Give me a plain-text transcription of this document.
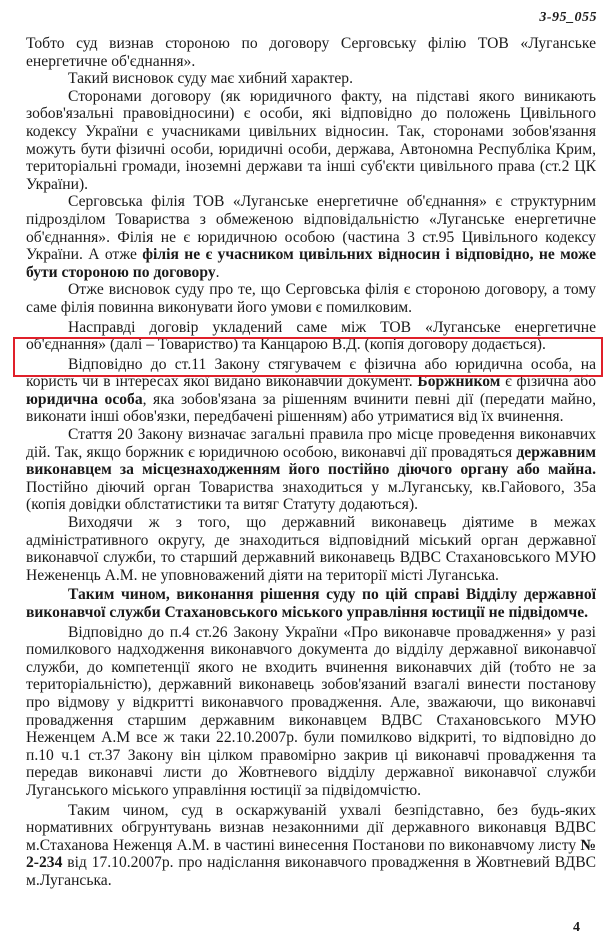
3-95_055

Тобто суд визнав стороною по договору Серговську філію ТОВ «Луганське енергетичне об'єднання».

Такий висновок суду має хибний характер.

Сторонами договору (як юридичного факту, на підставі якого виникають зобов'язальні правовідносини) є особи, які відповідно до положень Цивільного кодексу України є учасниками цивільних відносин. Так, сторонами зобов'язання можуть бути фізичні особи, юридичні особи, держава, Автономна Республіка Крим, територіальні громади, іноземні держави та інші суб'єкти цивільного права (ст.2 ЦК України).

Серговська філія ТОВ «Луганське енергетичне об'єднання» є структурним підрозділом Товариства з обмеженою відповідальністю «Луганське енергетичне об'єднання». Філія не є юридичною особою (частина 3 ст.95 Цивільного кодексу України. А отже філія не є учасником цивільних відносин і відповідно, не може бути стороною по договору.

Отже висновок суду про те, що Серговська філія є стороною договору, а тому саме філія повинна виконувати його умови є помилковим.

Насправді договір укладений саме між ТОВ «Луганське енергетичне об'єднання» (далі – Товариство) та Канцарою В.Д. (копія договору додається).

Відповідно до ст.11 Закону стягувачем є фізична або юридична особа, на користь чи в інтересах якої видано виконавчий документ. Боржником є фізична або юридична особа, яка зобов'язана за рішенням вчинити певні дії (передати майно, виконати інші обов'язки, передбачені рішенням) або утриматися від їх вчинення.

Стаття 20 Закону визначає загальні правила про місце проведення виконавчих дій. Так, якщо боржник є юридичною особою, виконавчі дії провадяться державним виконавцем за місцезнаходженням його постійно діючого органу або майна. Постійно діючий орган Товариства знаходиться у м.Луганську, кв.Гайового, 35а (копія довідки облстатистики та витяг Статуту додаються).

Виходячи ж з того, що державний виконавець діятиме в межах адміністративного округу, де знаходиться відповідний міський орган державної виконавчої служби, то старший державний виконавець ВДВС Стахановського МУЮ Нежененць А.М. не уповноважений діяти на території місті Луганська.

Таким чином, виконання рішення суду по цій справі Відділу державної виконавчої служби Стахановського міського управління юстиції не підвідомче.

Відповідно до п.4 ст.26 Закону України «Про виконавче провадження» у разі помилкового надходження виконавчого документа до відділу державної виконавчої служби, до компетенції якого не входить вчинення виконавчих дій (тобто не за територіальністю), державний виконавець зобов'язаний взагалі винести постанову про відмову у відкритті виконавчого провадження. Але, зважаючи, що виконавчі провадження старшим державним виконавцем ВДВС Стахановського МУЮ Неженцем А.М все ж таки 22.10.2007р. були помилково відкриті, то відповідно до п.10 ч.1 ст.37 Закону він цілком правомірно закрив ці виконавчі провадження та передав виконавчі листи до Жовтневого відділу державної виконавчої служби Луганського міського управління юстиції за підвідомчістю.

Таким чином, суд в оскаржуваній ухвалі безпідставно, без будь-яких нормативних обгрунтувань визнав незаконними дії державного виконавця ВДВС м.Стаханова Неженця А.М. в частині винесення Постанови по виконавчому листу № 2-234 від 17.10.2007р. про надіслання виконавчого провадження в Жовтневий ВДВС м.Луганська.

4
